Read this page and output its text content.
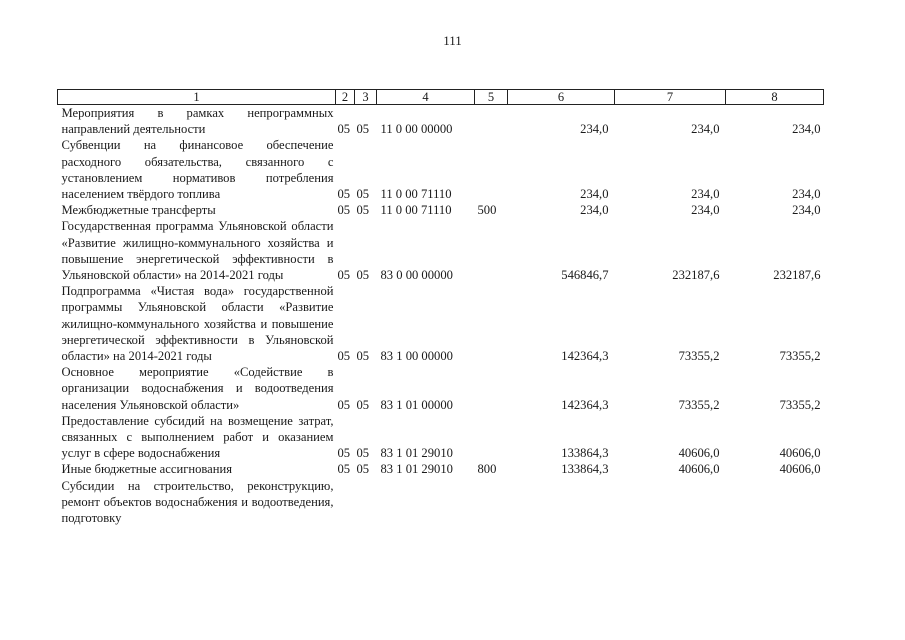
111
1	2	3	4	5	6	7	8
Мероприятия в рамках непрограммных направлений деятельности	05	05	11 0 00 00000		234,0	234,0	234,0
Субвенции на финансовое обеспечение расходного обязательства, связанного с установлением нормативов потребления населением твёрдого топлива	05	05	11 0 00 71110		234,0	234,0	234,0
Межбюджетные трансферты	05	05	11 0 00 71110	500	234,0	234,0	234,0
Государственная программа Ульяновской области «Развитие жилищно-коммунального хозяйства и повышение энергетической эффективности в Ульяновской области» на 2014-2021 годы	05	05	83 0 00 00000		546846,7	232187,6	232187,6
Подпрограмма «Чистая вода» государственной программы Ульяновской области «Развитие жилищно-коммунального хозяйства и повышение энергетической эффективности в Ульяновской области» на 2014-2021 годы	05	05	83 1 00 00000		142364,3	73355,2	73355,2
Основное мероприятие «Содействие в организации водоснабжения и водоотведения населения Ульяновской области»	05	05	83 1 01 00000		142364,3	73355,2	73355,2
Предоставление субсидий на возмещение затрат, связанных с выполнением работ и оказанием услуг в сфере водоснабжения	05	05	83 1 01 29010		133864,3	40606,0	40606,0
Иные бюджетные ассигнования	05	05	83 1 01 29010	800	133864,3	40606,0	40606,0
Субсидии на строительство, реконструкцию, ремонт объектов водоснабжения и водоотведения, подготовку							
